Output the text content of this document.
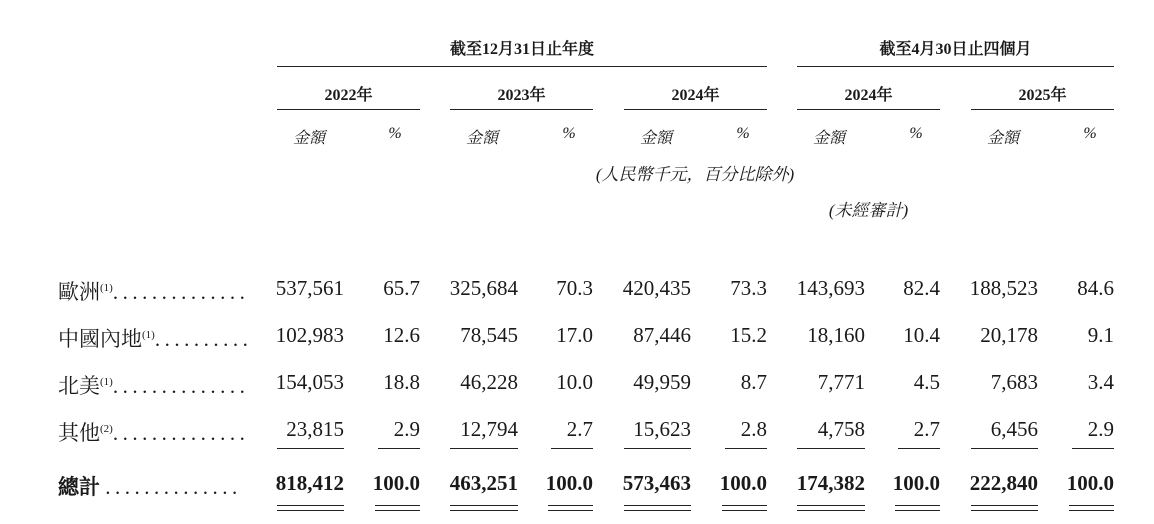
截至12月31日止年度	截至4月30日止四個月
2022年	2023年	2024年	2024年	2025年
金額	%	金額	%	金額	%	金額	%	金額	%
(人民幣千元，百分比除外)
(未經審計)
歐洲$^{(1)}$..............	537,561	65.7	325,684	70.3	420,435	73.3	143,693	82.4	188,523	84.6
中國內地$^{(1)}$..........	102,983	12.6	78,545	17.0	87,446	15.2	18,160	10.4	20,178	9.1
北美$^{(1)}$..............	154,053	18.8	46,228	10.0	49,959	8.7	7,771	4.5	7,683	3.4
其他$^{(2)}$..............	23,815	2.9	12,794	2.7	15,623	2.8	4,758	2.7	6,456	2.9
總計 ..............	818,412	100.0	463,251	100.0	573,463	100.0	174,382	100.0	222,840	100.0
